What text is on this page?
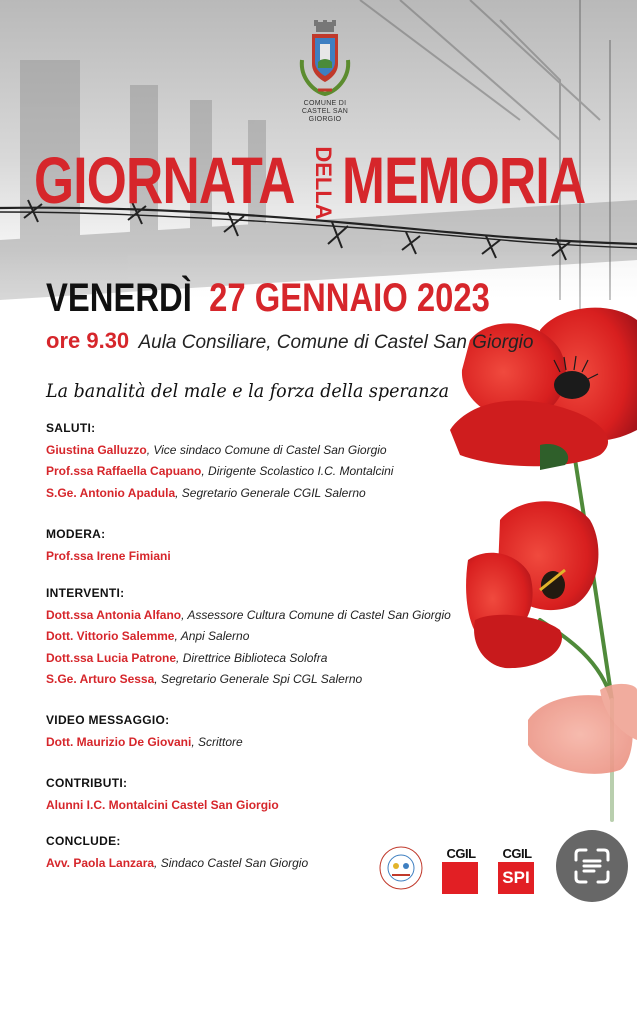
COMUNE DI
CASTEL SAN GIORGIO
GIORNATA DELLA MEMORIA
VENERDÌ 27 GENNAIO 2023
ore 9.30 Aula Consiliare, Comune di Castel San Giorgio
La banalità del male e la forza della speranza
SALUTI:
Giustina Galluzzo, Vice sindaco Comune di Castel San Giorgio
Prof.ssa Raffaella Capuano, Dirigente Scolastico I.C. Montalcini
S.Ge. Antonio Apadula, Segretario Generale CGIL Salerno
MODERA:
Prof.ssa Irene Fimiani
INTERVENTI:
Dott.ssa Antonia Alfano, Assessore Cultura Comune di Castel San Giorgio
Dott. Vittorio Salemme, Anpi Salerno
Dott.ssa Lucia Patrone, Direttrice Biblioteca Solofra
S.Ge. Arturo Sessa, Segretario Generale Spi CGL Salerno
VIDEO MESSAGGIO:
Dott. Maurizio De Giovani, Scrittore
CONTRIBUTI:
Alunni I.C. Montalcini Castel San Giorgio
CONCLUDE:
Avv. Paola Lanzara, Sindaco Castel San Giorgio
CGIL	CGIL
SPI
